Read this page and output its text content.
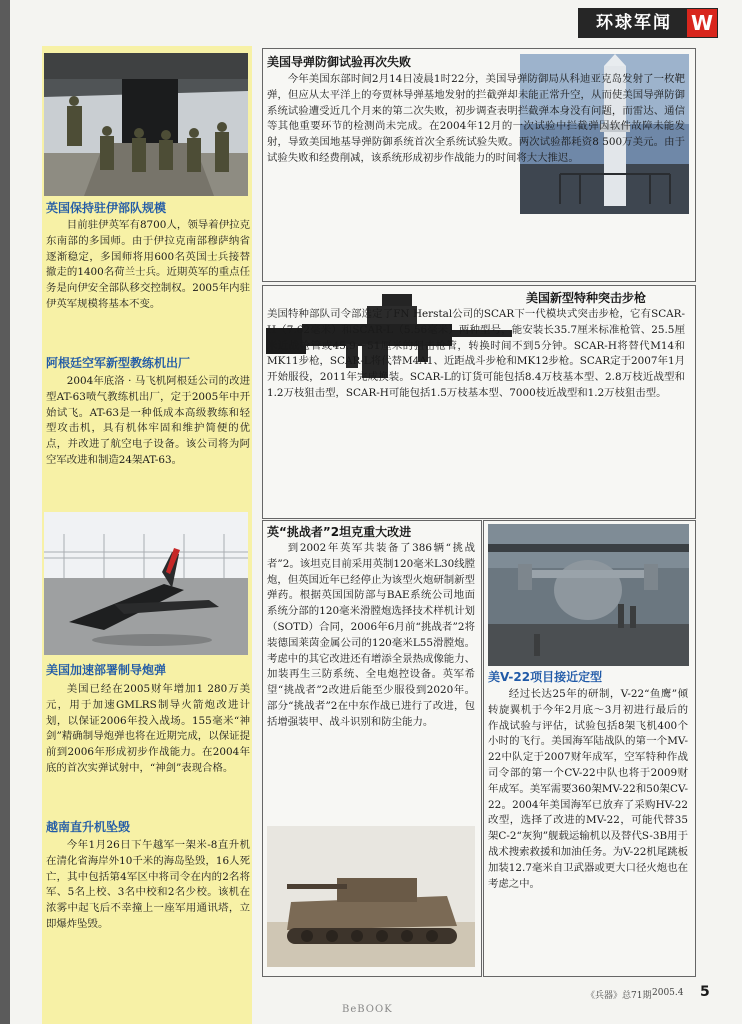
环球军闻 W
英国保持驻伊部队规模

目前驻伊英军有8700人，领导着伊拉克东南部的多国师。由于伊拉克南部穆萨纳省逐渐稳定，多国师将用600名英国士兵接替撤走的1400名荷兰士兵。近期英军的重点任务是向伊安全部队移交控制权。2005年内驻伊英军规模将基本不变。

阿根廷空军新型教练机出厂

2004年底洛 · 马飞机阿根廷公司的改进型AT-63喷气教练机出厂，定于2005年中开始试飞。AT-63是一种低成本高级教练和轻型攻击机，具有机体牢固和维护简便的优点，并改进了航空电子设备。该公司将为阿空军改进和制造24架AT-63。

美国加速部署制导炮弹

美国已经在2005财年增加1 280万美元，用于加速GMLRS制导火箭炮改进计划，以保证2006年投入战场。155毫米“神剑”精确制导炮弹也将在近期完成，以保证提前到2006年形成初步作战能力。在2004年底的首次实弹试射中，“神剑”表现合格。

越南直升机坠毁

今年1月26日下午越军一架米-8直升机在清化省海岸外10千米的海岛坠毁，16人死亡，其中包括第4军区中将司令在内的2名将军、5名上校、3名中校和2名少校。该机在浓雾中起飞后不幸撞上一座军用通讯塔，立即爆炸坠毁。

美国导弹防御试验再次失败

今年美国东部时间2月14日凌晨1时22分，美国导弹防御局从科迪亚克岛发射了一枚靶弹，但应从太平洋上的夸贾林导弹基地发射的拦截弹却未能正常升空，从而使美国导弹防御系统试验遭受近几个月来的第二次失败，初步调查表明拦截弹本身没有问题，而雷达、通信等其他重要环节的检测尚未完成。在2004年12月的一次试验中拦截弹因软件故障未能发射，导致美国地基导弹防御系统首次全系统试验失败。两次试验都耗资8 500万美元。由于试验失败和经费削减，该系统形成初步作战能力的时间将大大推迟。

美国新型特种突击步枪

美国特种部队司令部选定了FN Herstal公司的SCAR下一代模块式突击步枪，它有SCAR-H（7.62毫米）和SCAR-L（5.56毫米）两种型号，能安装长35.7厘米标准枪管、25.5厘米近战枪管或45.9～51厘米的狙击枪管，转换时间不到5分钟。SCAR-H将替代M14和MK11步枪，SCAR-L将代替M4A1、近距战斗步枪和MK12步枪。SCAR定于2007年1月开始服役，2011年完成换装。SCAR-L的订货可能包括8.4万枝基本型、2.8万枝近战型和1.2万枝狙击型，SCAR-H可能包括1.5万枝基本型、7000枝近战型和1.2万枝狙击型。

英“挑战者”2坦克重大改进

到2002年英军共装备了386辆“挑战者”2。该坦克目前采用英制120毫米L30线膛炮，但英国近年已经停止为该型火炮研制新型弹药。根据英国国防部与BAE系统公司地面系统分部的120毫米滑膛炮选择技术样机计划（SOTD）合同，2006年6月前“挑战者”2将装德国莱茵金属公司的120毫米L55滑膛炮。考虑中的其它改进还有增添全景热成像能力、加装再生三防系统、全电炮控设备。英军希望“挑战者”2改进后能至少服役到2020年。部分“挑战者”2在中东作战已进行了改进，包括增强装甲、战斗识别和防尘能力。

美V-22项目接近定型

经过长达25年的研制，V-22“鱼鹰”倾转旋翼机于今年2月底～3月初进行最后的作战试验与评估，试验包括8架飞机400个小时的飞行。美国海军陆战队的第一个MV-22中队定于2007财年成军，空军特种作战司令部的第一个CV-22中队也将于2009财年成军。美军需要360架MV-22和50架CV-22。2004年美国海军已放弃了采购HV-22改型，选择了改进的MV-22，可能代替35架C-2“灰狗”舰载运输机以及替代S-3B用于战术搜索救援和加油任务。为V-22机尾跳板加装12.7毫米自卫武器或更大口径火炮也在考虑之中。

《兵器》总71期 2005.4	5
BeBOOK
